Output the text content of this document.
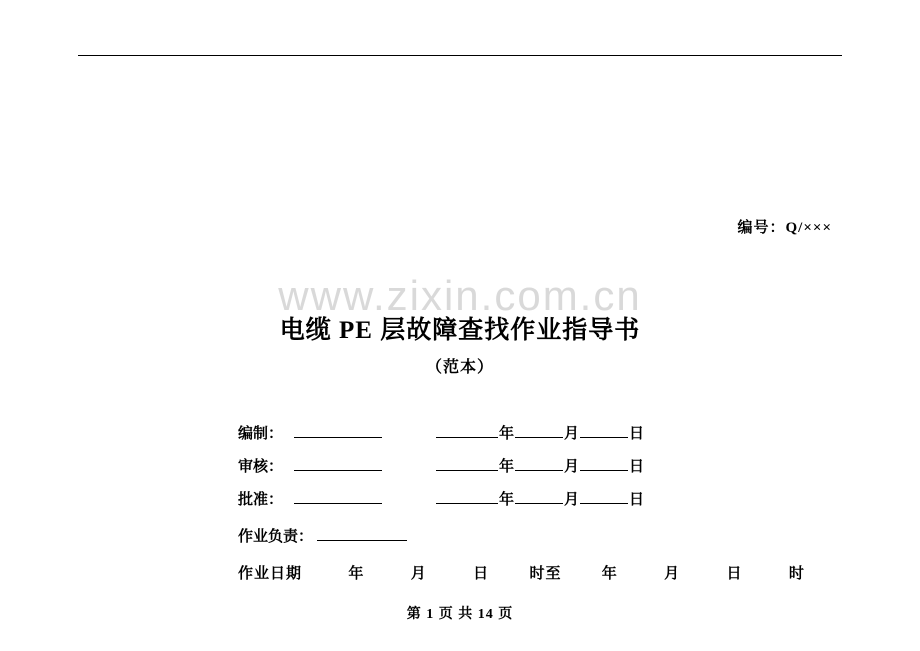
www.zixin.com.cn
编号：Q/×××
电缆 PE 层故障查找作业指导书
（范本）
编制：	年	月	日
审核：	年	月	日
批准：	年	月	日
作业负责：
作业日期	年	月	日	时至	年	月	日	时
第 1 页 共 14 页
